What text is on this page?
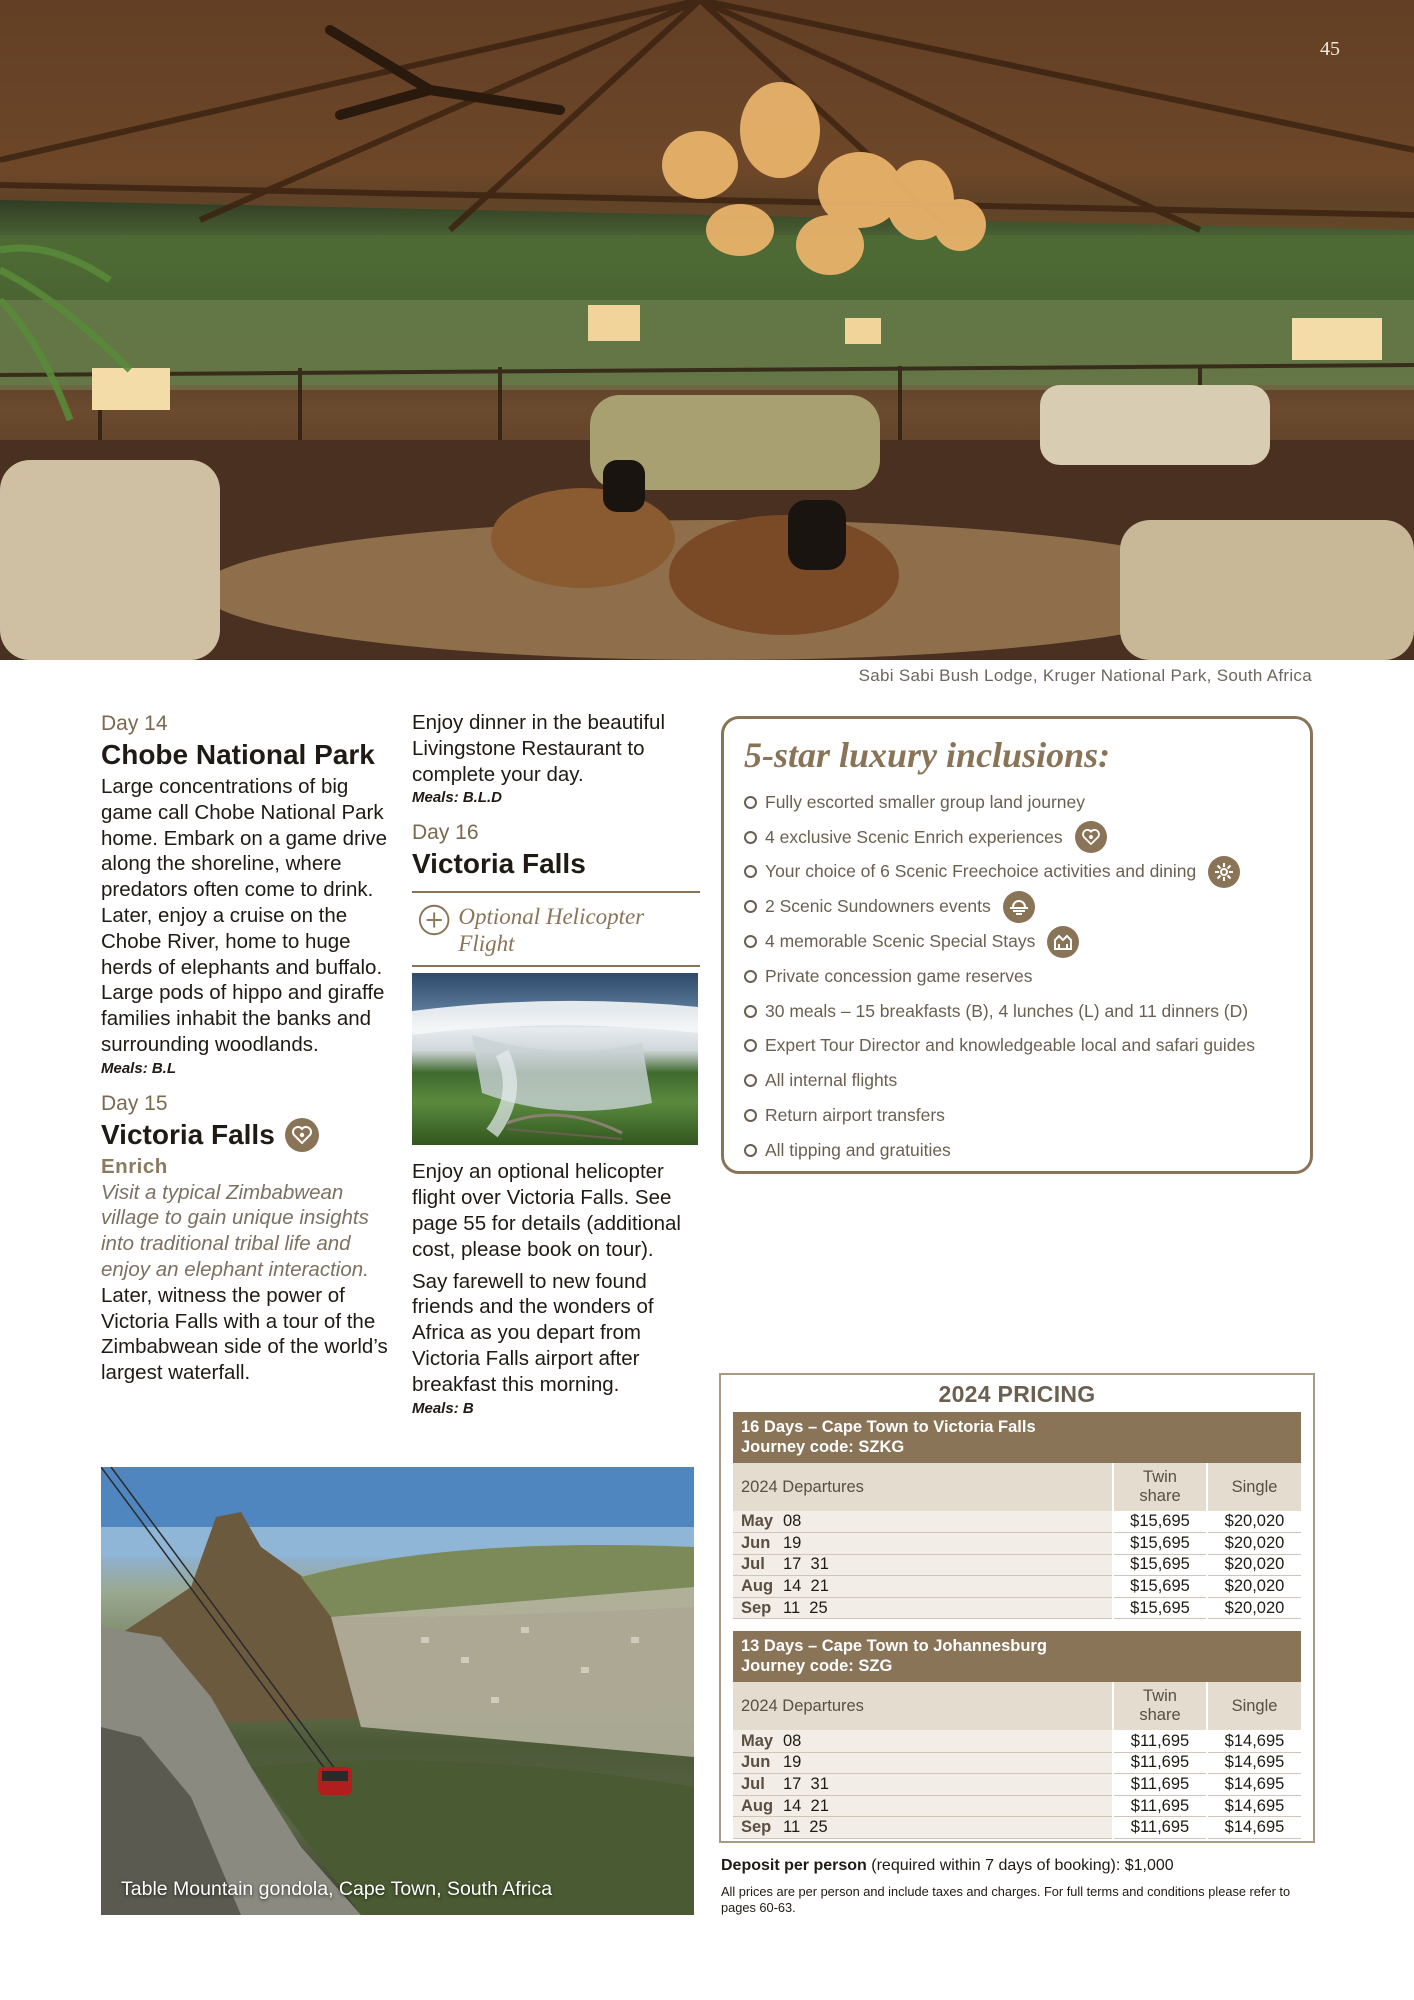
45
Sabi Sabi Bush Lodge, Kruger National Park, South Africa

Day 14

Chobe National Park

Large concentrations of big game call Chobe National Park home. Embark on a game drive along the shoreline, where predators often come to drink. Later, enjoy a cruise on the Chobe River, home to huge herds of elephants and buffalo. Large pods of hippo and giraffe families inhabit the banks and surrounding woodlands.

Meals: B.L

Day 15

Victoria Falls
Enrich

Visit a typical Zimbabwean village to gain unique insights into traditional tribal life and enjoy an elephant interaction.

Later, witness the power of Victoria Falls with a tour of the Zimbabwean side of the world’s largest waterfall.

Enjoy dinner in the beautiful Livingstone Restaurant to complete your day.

Meals: B.L.D

Day 16

Victoria Falls
Optional Helicopter Flight

Enjoy an optional helicopter flight over Victoria Falls. See page 55 for details (additional cost, please book on tour).

Say farewell to new found friends and the wonders of Africa as you depart from Victoria Falls airport after breakfast this morning.

Meals: B

5-star luxury inclusions:
Fully escorted smaller group land journey
4 exclusive Scenic Enrich experiences
Your choice of 6 Scenic Freechoice activities and dining
2 Scenic Sundowners events
4 memorable Scenic Special Stays
Private concession game reserves
30 meals – 15 breakfasts (B), 4 lunches (L) and 11 dinners (D)
Expert Tour Director and knowledgeable local and safari guides
All internal flights
Return airport transfers
All tipping and gratuities
2024 PRICING
16 Days – Cape Town to Victoria Falls
Journey code: SZKG
2024 Departures	Twin share	Single
May 08	$15,695	$20,020
Jun 19	$15,695	$20,020
Jul 17  31	$15,695	$20,020
Aug 14  21	$15,695	$20,020
Sep 11  25	$15,695	$20,020
13 Days – Cape Town to Johannesburg
Journey code: SZG
2024 Departures	Twin share	Single
May 08	$11,695	$14,695
Jun 19	$11,695	$14,695
Jul 17  31	$11,695	$14,695
Aug 14  21	$11,695	$14,695
Sep 11  25	$11,695	$14,695
Deposit per person (required within 7 days of booking): $1,000
All prices are per person and include taxes and charges. For full terms and conditions please refer to pages 60-63.
Table Mountain gondola, Cape Town, South Africa
